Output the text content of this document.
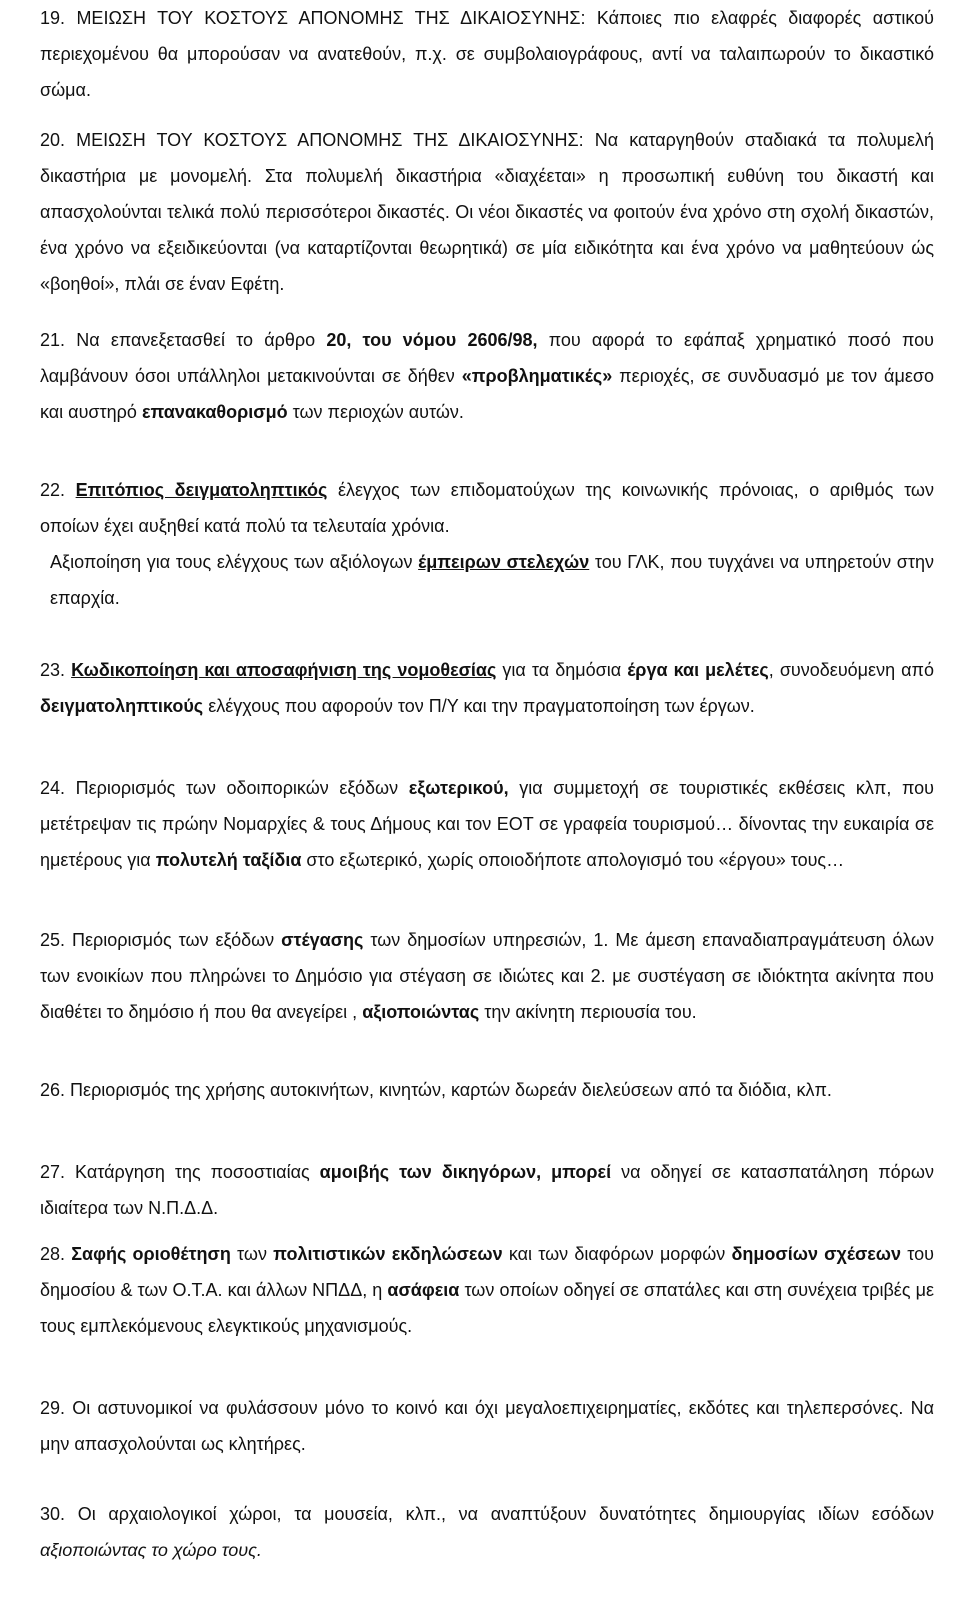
19. ΜΕΙΩΣΗ ΤΟΥ ΚΟΣΤΟΥΣ ΑΠΟΝΟΜΗΣ ΤΗΣ ΔΙΚΑΙΟΣΥΝΗΣ: Κάποιες πιο ελαφρές διαφορές αστικού περιεχομένου θα μπορούσαν να ανατεθούν, π.χ. σε συμβολαιογράφους, αντί να ταλαιπωρούν το δικαστικό σώμα.

20. ΜΕΙΩΣΗ ΤΟΥ ΚΟΣΤΟΥΣ ΑΠΟΝΟΜΗΣ ΤΗΣ ΔΙΚΑΙΟΣΥΝΗΣ: Να καταργηθούν σταδιακά τα πολυμελή δικαστήρια με μονομελή. Στα πολυμελή δικαστήρια «διαχέεται» η προσωπική ευθύνη του δικαστή και απασχολούνται τελικά πολύ περισσότεροι δικαστές. Οι νέοι δικαστές να φοιτούν ένα χρόνο στη σχολή δικαστών, ένα χρόνο να εξειδικεύονται (να καταρτίζονται θεωρητικά) σε μία ειδικότητα και ένα χρόνο να μαθητεύουν ώς «βοηθοί», πλάι σε έναν Εφέτη.

21. Να επανεξετασθεί το άρθρο 20, του νόμου 2606/98, που αφορά το εφάπαξ χρηματικό ποσό που λαμβάνουν όσοι υπάλληλοι μετακινούνται σε δήθεν «προβληματικές» περιοχές, σε συνδυασμό με τον άμεσο και αυστηρό επανακαθορισμό των περιοχών αυτών.

22. Επιτόπιος δειγματοληπτικός έλεγχος των επιδοματούχων της κοινωνικής πρόνοιας, ο αριθμός των οποίων έχει αυξηθεί κατά πολύ τα τελευταία χρόνια.
Αξιοποίηση για τους ελέγχους των αξιόλογων έμπειρων στελεχών του ΓΛΚ, που τυγχάνει να υπηρετούν στην επαρχία.

23. Κωδικοποίηση και αποσαφήνιση της νομοθεσίας για τα δημόσια έργα και μελέτες, συνοδευόμενη από δειγματοληπτικούς ελέγχους που αφορούν τον Π/Υ και την πραγματοποίηση των έργων.

24. Περιορισμός των οδοιπορικών εξόδων εξωτερικού, για συμμετοχή σε τουριστικές εκθέσεις κλπ, που μετέτρεψαν τις πρώην Νομαρχίες & τους Δήμους και τον ΕΟΤ σε γραφεία τουρισμού… δίνοντας την ευκαιρία σε ημετέρους για πολυτελή ταξίδια στο εξωτερικό, χωρίς οποιοδήποτε απολογισμό του «έργου» τους…

25. Περιορισμός των εξόδων στέγασης των δημοσίων υπηρεσιών, 1. Με άμεση επαναδιαπραγμάτευση όλων των ενοικίων που πληρώνει το Δημόσιο για στέγαση σε ιδιώτες και 2. με συστέγαση σε ιδιόκτητα ακίνητα που διαθέτει το δημόσιο ή που θα ανεγείρει , αξιοποιώντας την ακίνητη περιουσία του.

26. Περιορισμός της χρήσης αυτοκινήτων, κινητών, καρτών δωρεάν διελεύσεων από τα διόδια, κλπ.

27. Κατάργηση της ποσοστιαίας αμοιβής των δικηγόρων, μπορεί να οδηγεί σε κατασπατάληση πόρων ιδιαίτερα των Ν.Π.Δ.Δ.

28. Σαφής οριοθέτηση των πολιτιστικών εκδηλώσεων και των διαφόρων μορφών δημοσίων σχέσεων του δημοσίου & των Ο.Τ.Α. και άλλων ΝΠΔΔ, η ασάφεια των οποίων οδηγεί σε σπατάλες και στη συνέχεια τριβές με τους εμπλεκόμενους ελεγκτικούς μηχανισμούς.

29. Οι αστυνομικοί να φυλάσσουν μόνο το κοινό και όχι μεγαλοεπιχειρηματίες, εκδότες και τηλεπερσόνες. Να μην απασχολούνται ως κλητήρες.

30. Οι αρχαιολογικοί χώροι, τα μουσεία, κλπ., να αναπτύξουν δυνατότητες δημιουργίας ιδίων εσόδων αξιοποιώντας το χώρο τους.
